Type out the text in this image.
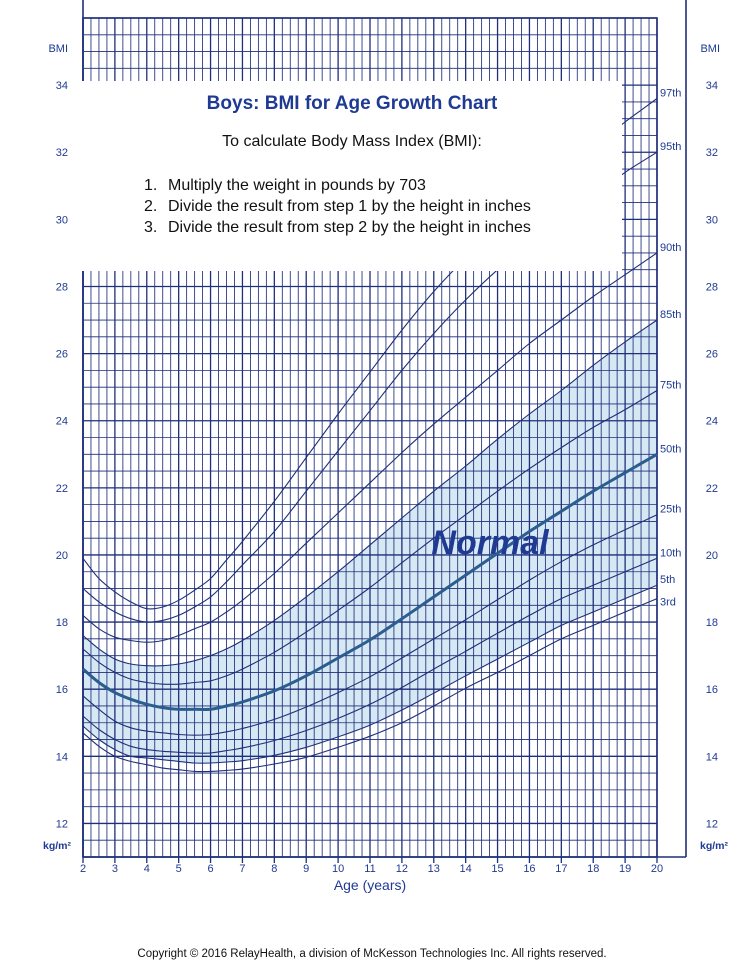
3rd
5th
10th
25th
50th
75th
85th
90th
95th
97th
12	12
14	14
16	16
18	18
20	20
22	22
24	24
26	26
28	28
30	30
32	32
34	34
BMI	BMI
kg/m²	kg/m²
2 3 4 5 6 7 8 9 10 11 12 13 14 15 16 17 18 19 20
Age (years)
Normal
Boys: BMI for Age Growth Chart
To calculate Body Mass Index (BMI):
1. Multiply the weight in pounds by 703
2. Divide the result from step 1 by the height in inches
3. Divide the result from step 2 by the height in inches
Copyright © 2016 RelayHealth, a division of McKesson Technologies Inc. All rights reserved.
